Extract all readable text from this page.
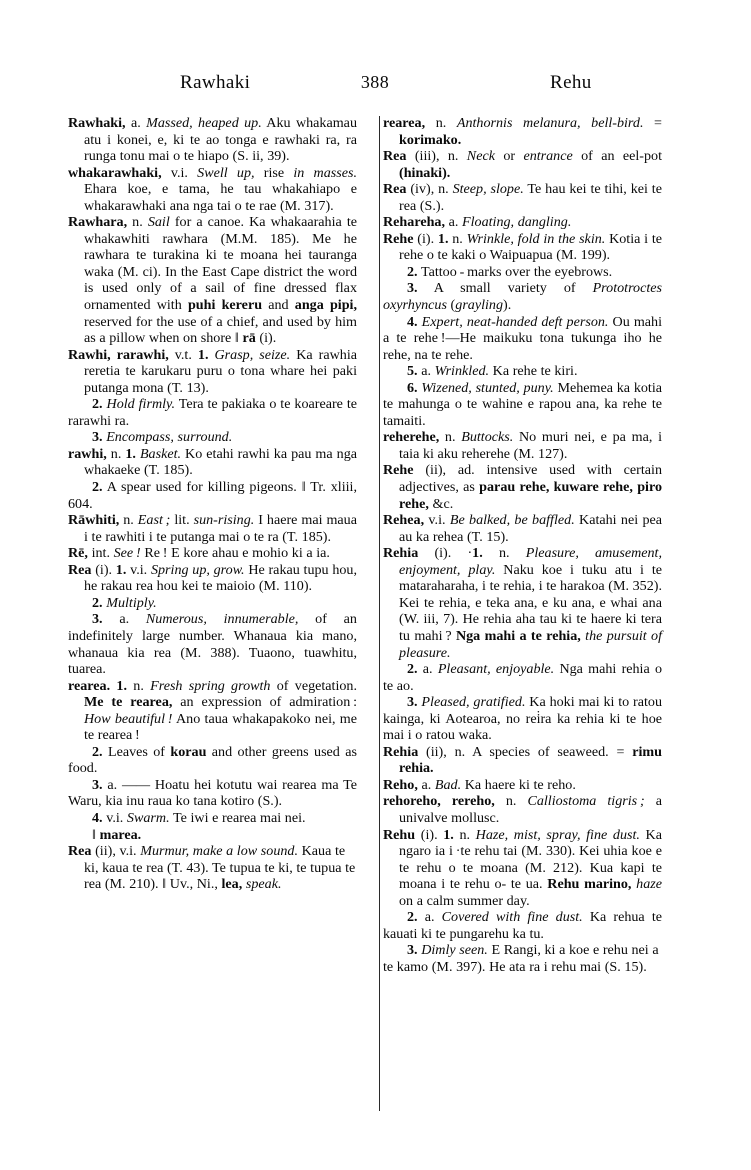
Rawhaki	388	Rehu

Rawhaki, a. Massed, heaped up. Aku whakamau atu i konei, e, ki te ao tonga e rawhaki ra, ra runga tonu mai o te hiapo (S. ii, 39).

whakarawhaki, v.i. Swell up, rise in masses. Ehara koe, e tama, he tau whakahiapo e whakarawhaki ana nga tai o te rae (M. 317).

Rawhara, n. Sail for a canoe. Ka whakaarahia te whakawhiti rawhara (M.M. 185). Me he rawhara te turakina ki te moana hei tauranga waka (M. ci). In the East Cape district the word is used only of a sail of fine dressed flax ornamented with puhi kereru and anga pipi, reserved for the use of a chief, and used by him as a pillow when on shore ‖ rā (i).

Rawhi, rarawhi, v.t. 1. Grasp, seize. Ka rawhia reretia te karukaru puru o tona whare hei paki putanga mona (T. 13).

2. Hold firmly. Tera te pakiaka o te koareare te rarawhi ra.

3. Encompass, surround.

rawhi, n. 1. Basket. Ko etahi rawhi ka pau ma nga whakaeke (T. 185).

2. A spear used for killing pigeons. ‖ Tr. xliii, 604.

Rāwhiti, n. East ; lit. sun-rising. I haere mai maua i te rawhiti i te putanga mai o te ra (T. 185).

Rē, int. See ! Re ! E kore ahau e mohio ki a ia.

Rea (i). 1. v.i. Spring up, grow. He rakau tupu hou, he rakau rea hou kei te maioio (M. 110).

2. Multiply.

3. a. Numerous, innumerable, of an indefinitely large number. Whanaua kia mano, whanaua kia rea (M. 388). Tuaono, tuawhitu, tuarea.

rearea. 1. n. Fresh spring growth of vegetation. Me te rearea, an expression of admiration : How beautiful ! Ano taua whakapakoko nei, me te rearea !

2. Leaves of korau and other greens used as food.

3. a. —— Hoatu hei kotutu wai rearea ma Te Waru, kia inu raua ko tana kotiro (S.).

4. v.i. Swarm. Te iwi e rearea mai nei.

‖ marea.

Rea (ii), v.i. Murmur, make a low sound. Kaua te ki, kaua te rea (T. 43). Te tupua te ki, te tupua te rea (M. 210). ‖ Uv., Ni., lea, speak.

rearea, n. Anthornis melanura, bell-bird. = korimako.

Rea (iii), n. Neck or entrance of an eel-pot (hinaki).

Rea (iv), n. Steep, slope. Te hau kei te tihi, kei te rea (S.).

Rehareha, a. Floating, dangling.

Rehe (i). 1. n. Wrinkle, fold in the skin. Kotia i te rehe o te kaki o Waipuapua (M. 199).

2. Tattoo - marks over the eyebrows.

3. A small variety of Prototroctes oxyrhyncus (grayling).

4. Expert, neat-handed deft person. Ou mahi a te rehe !—He maikuku tona tukunga iho he rehe, na te rehe.

5. a. Wrinkled. Ka rehe te kiri.

6. Wizened, stunted, puny. Mehemea ka kotia te mahunga o te wahine e rapou ana, ka rehe te tamaiti.

reherehe, n. Buttocks. No muri nei, e pa ma, i taia ki aku reherehe (M. 127).

Rehe (ii), ad. intensive used with certain adjectives, as parau rehe, kuware rehe, piro rehe, &c.

Rehea, v.i. Be balked, be baffled. Katahi nei pea au ka rehea (T. 15).

Rehia (i). ·1. n. Pleasure, amusement, enjoyment, play. Naku koe i tuku atu i te mataraharaha, i te rehia, i te harakoa (M. 352). Kei te rehia, e teka ana, e ku ana, e whai ana (W. iii, 7). He rehia aha tau ki te haere ki tera tu mahi ? Nga mahi a te rehia, the pursuit of pleasure.

2. a. Pleasant, enjoyable. Nga mahi rehia o te ao.

3. Pleased, gratified. Ka hoki mai ki to ratou kainga, ki Aotearoa, no rei̇ra ka rehia ki te hoe mai i o ratou waka.

Rehia (ii), n. A species of seaweed. = rimu rehia.

Reho, a. Bad. Ka haere ki te reho.

rehoreho, rereho, n. Calliostoma tigris ; a univalve mollusc.

Rehu (i). 1. n. Haze, mist, spray, fine dust. Ka ngaro ia i ·te rehu tai (M. 330). Kei uhia koe e te rehu o te moana (M. 212). Kua kapi te moana i te rehu o‑ te ua. Rehu marino, haze on a calm summer day.

2. a. Covered with fine dust. Ka rehua te kauati ki te pungarehu ka tu.

3. Dimly seen. E Rangi, ki a koe e rehu nei a te kamo (M. 397). He ata ra i rehu mai (S. 15).
